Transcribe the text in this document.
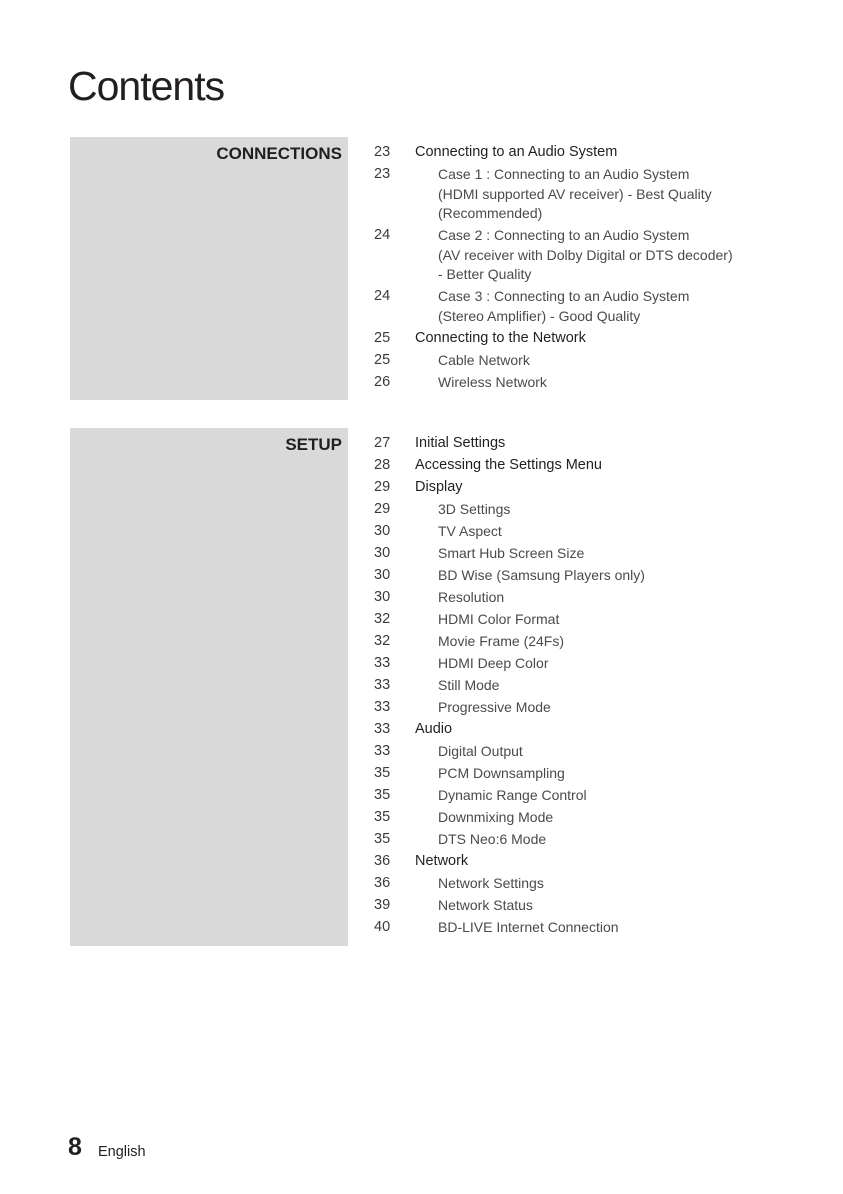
Contents
CONNECTIONS 23	Connecting to an Audio System
23	Case 1 : Connecting to an Audio System
(HDMI supported AV receiver) - Best Quality
(Recommended)
24	Case 2 : Connecting to an Audio System
(AV receiver with Dolby Digital or DTS decoder)
- Better Quality
24	Case 3 : Connecting to an Audio System
(Stereo Amplifier) - Good Quality
25	Connecting to the Network
25	Cable Network
26	Wireless Network
SETUP 27	Initial Settings
28	Accessing the Settings Menu
29	Display
29	3D Settings
30	TV Aspect
30	Smart Hub Screen Size
30	BD Wise (Samsung Players only)
30	Resolution
32	HDMI Color Format
32	Movie Frame (24Fs)
33	HDMI Deep Color
33	Still Mode
33	Progressive Mode
33	Audio
33	Digital Output
35	PCM Downsampling
35	Dynamic Range Control
35	Downmixing Mode
35	DTS Neo:6 Mode
36	Network
36	Network Settings
39	Network Status
40	BD-LIVE Internet Connection
8 English
